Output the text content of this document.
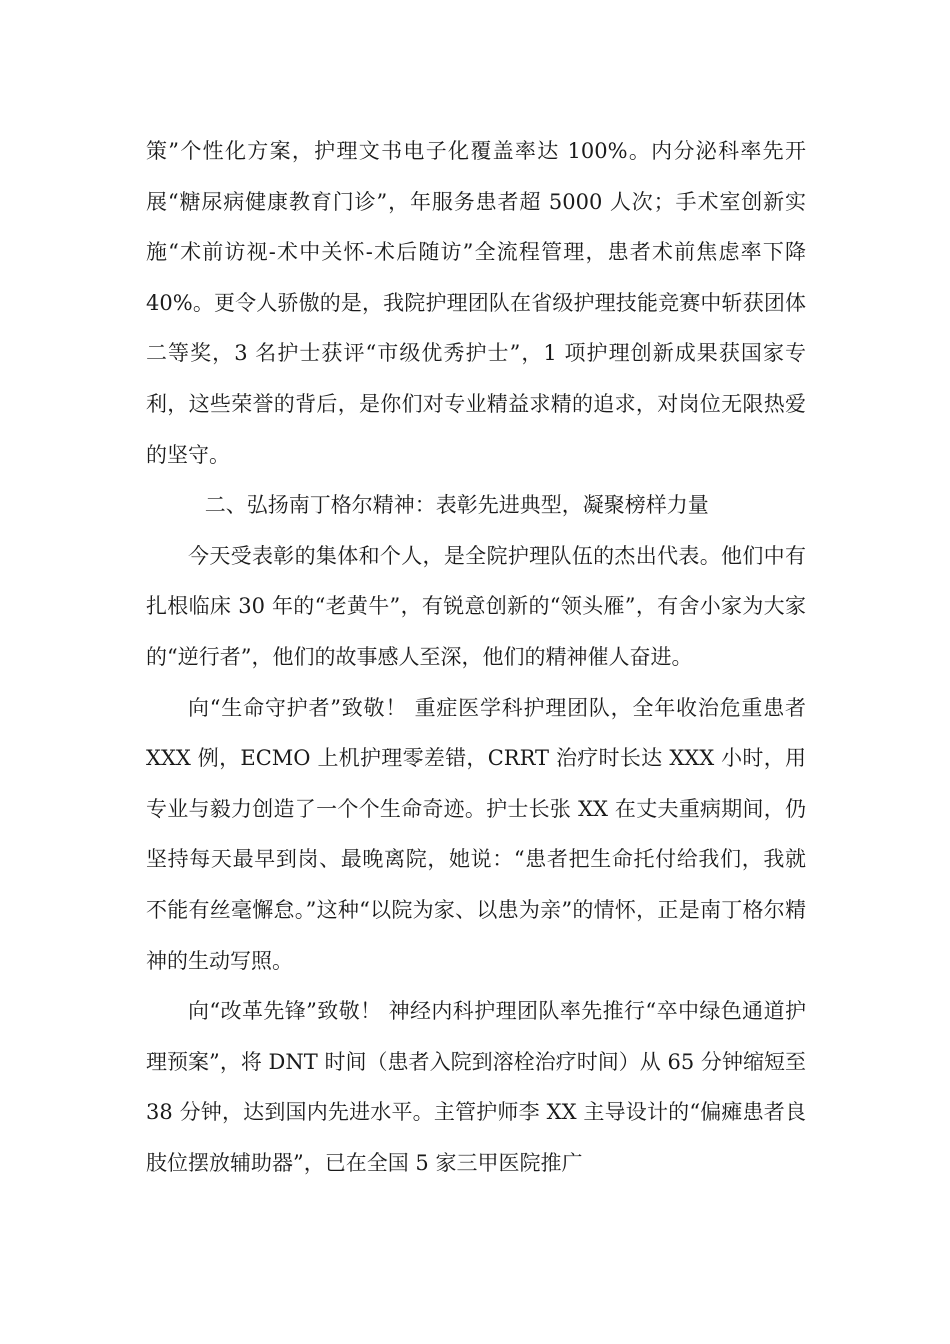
策”个性化方案，护理文书电子化覆盖率达 100%。内分泌科率先开展“糖尿病健康教育门诊”，年服务患者超 5000 人次；手术室创新实施“术前访视-术中关怀-术后随访”全流程管理，患者术前焦虑率下降 40%。更令人骄傲的是，我院护理团队在省级护理技能竞赛中斩获团体二等奖，3 名护士获评“市级优秀护士”，1 项护理创新成果获国家专利，这些荣誉的背后，是你们对专业精益求精的追求，对岗位无限热爱的坚守。

二、弘扬南丁格尔精神：表彰先进典型，凝聚榜样力量

今天受表彰的集体和个人，是全院护理队伍的杰出代表。他们中有扎根临床 30 年的“老黄牛”，有锐意创新的“领头雁”，有舍小家为大家的“逆行者”，他们的故事感人至深，他们的精神催人奋进。

向“生命守护者”致敬！ 重症医学科护理团队，全年收治危重患者 XXX 例，ECMO 上机护理零差错，CRRT 治疗时长达 XXX 小时，用专业与毅力创造了一个个生命奇迹。护士长张 XX 在丈夫重病期间，仍坚持每天最早到岗、最晚离院，她说：“患者把生命托付给我们，我就不能有丝毫懈怠。”这种“以院为家、以患为亲”的情怀，正是南丁格尔精神的生动写照。

向“改革先锋”致敬！ 神经内科护理团队率先推行“卒中绿色通道护理预案”，将 DNT 时间（患者入院到溶栓治疗时间）从 65 分钟缩短至 38 分钟，达到国内先进水平。主管护师李 XX 主导设计的“偏瘫患者良肢位摆放辅助器”，已在全国 5 家三甲医院推广
